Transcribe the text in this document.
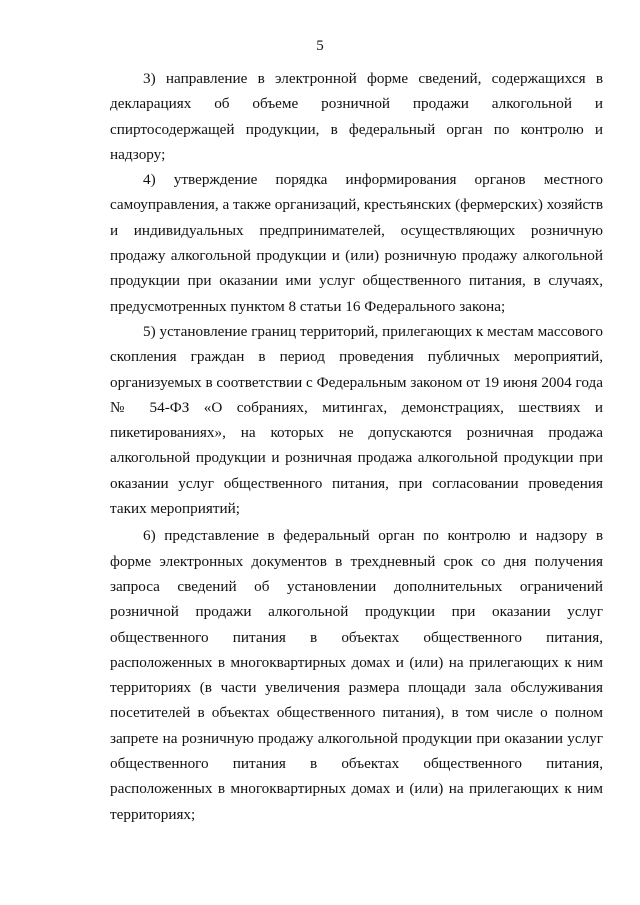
5

3) направление в электронной форме сведений, содержащихся в декларациях об объеме розничной продажи алкогольной и спиртосодержащей продукции, в федеральный орган по контролю и надзору;

4) утверждение порядка информирования органов местного самоуправления, а также организаций, крестьянских (фермерских) хозяйств и индивидуальных предпринимателей, осуществляющих розничную продажу алкогольной продукции и (или) розничную продажу алкогольной продукции при оказании ими услуг общественного питания, в случаях, предусмотренных пунктом 8 статьи 16 Федерального закона;

5) установление границ территорий, прилегающих к местам массового скопления граждан в период проведения публичных мероприятий, организуемых в соответствии с Федеральным законом от 19 июня 2004 года № 54-ФЗ «О собраниях, митингах, демонстрациях, шествиях и пикетированиях», на которых не допускаются розничная продажа алкогольной продукции и розничная продажа алкогольной продукции при оказании услуг общественного питания, при согласовании проведения таких мероприятий;

6) представление в федеральный орган по контролю и надзору в форме электронных документов в трехдневный срок со дня получения запроса сведений об установлении дополнительных ограничений розничной продажи алкогольной продукции при оказании услуг общественного питания в объектах общественного питания, расположенных в многоквартирных домах и (или) на прилегающих к ним территориях (в части увеличения размера площади зала обслуживания посетителей в объектах общественного питания), в том числе о полном запрете на розничную продажу алкогольной продукции при оказании услуг общественного питания в объектах общественного питания, расположенных в многоквартирных домах и (или) на прилегающих к ним территориях;
